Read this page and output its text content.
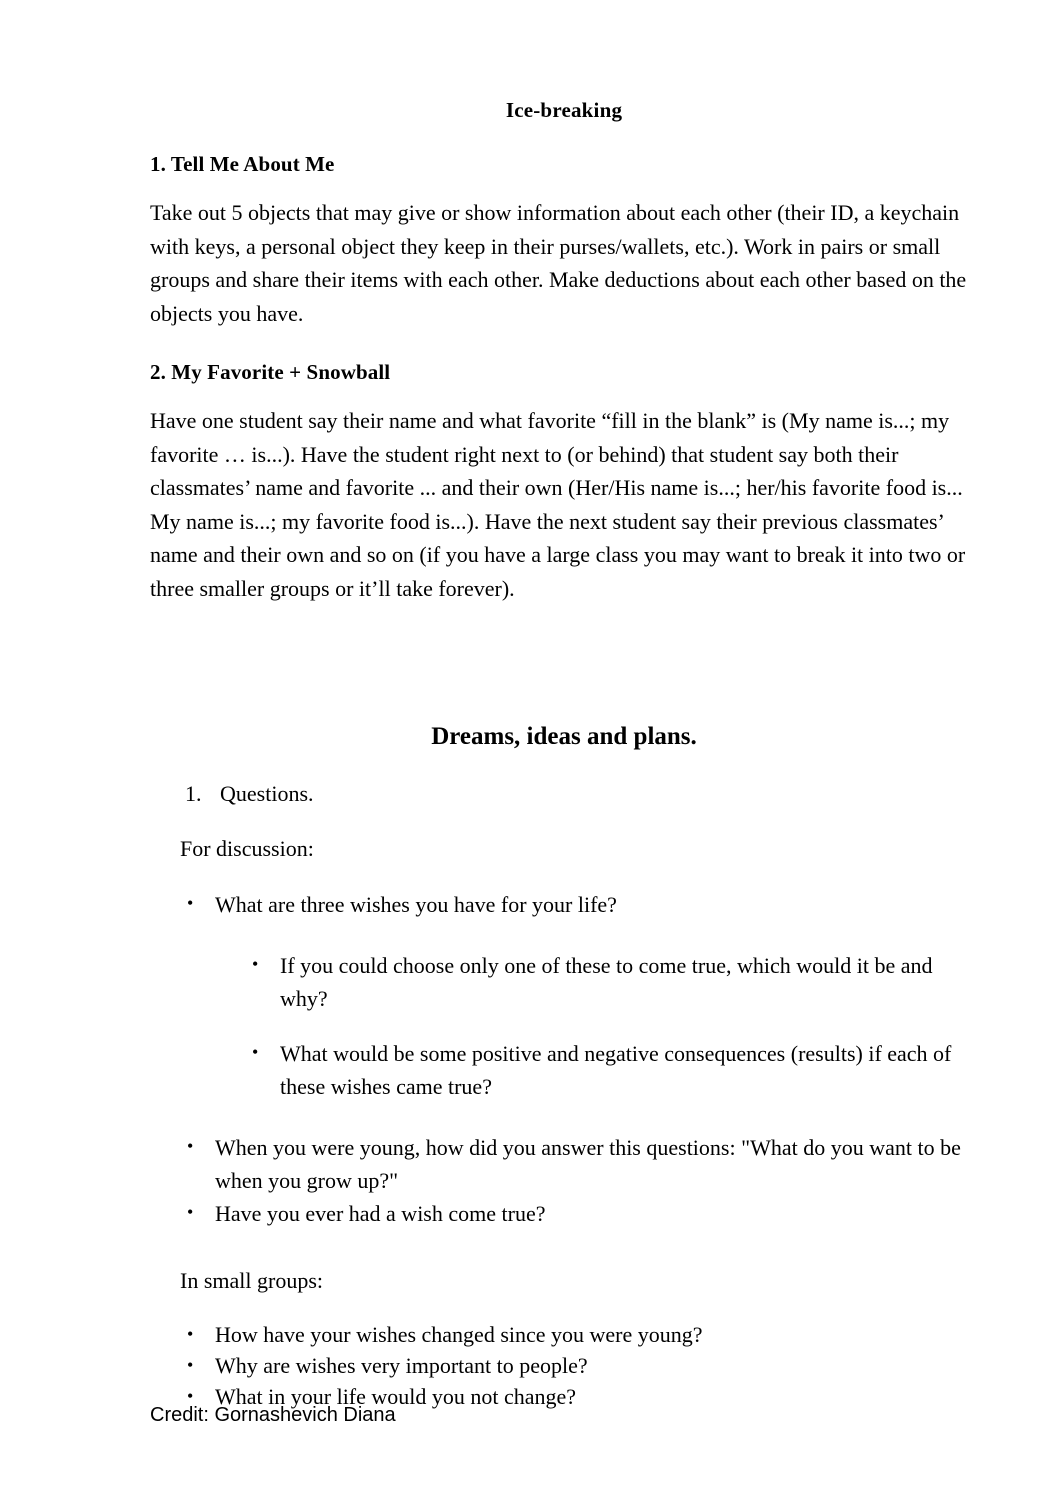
Ice-breaking
1. Tell Me About Me

Take out 5 objects that may give or show information about each other (their ID, a keychain with keys, a personal object they keep in their purses/wallets, etc.). Work in pairs or small groups and share their items with each other. Make deductions about each other based on the objects you have.

2. My Favorite + Snowball

Have one student say their name and what favorite “fill in the blank” is (My name is...; my favorite … is...). Have the student right next to (or behind) that student say both their classmates’ name and favorite ... and their own (Her/His name is...; her/his favorite food is... My name is...; my favorite food is...). Have the next student say their previous classmates’ name and their own and so on (if you have a large class you may want to break it into two or three smaller groups or it’ll take forever).

Dreams, ideas and plans.
1. Questions.

For discussion:

• What are three wishes you have for your life?
• If you could choose only one of these to come true, which would it be and why?
• What would be some positive and negative consequences (results) if each of these wishes came true?
• When you were young, how did you answer this questions: "What do you want to be when you grow up?"
• Have you ever had a wish come true?

In small groups:

• How have your wishes changed since you were young?
• Why are wishes very important to people?
• What in your life would you not change?
Credit: Gornashevich Diana
